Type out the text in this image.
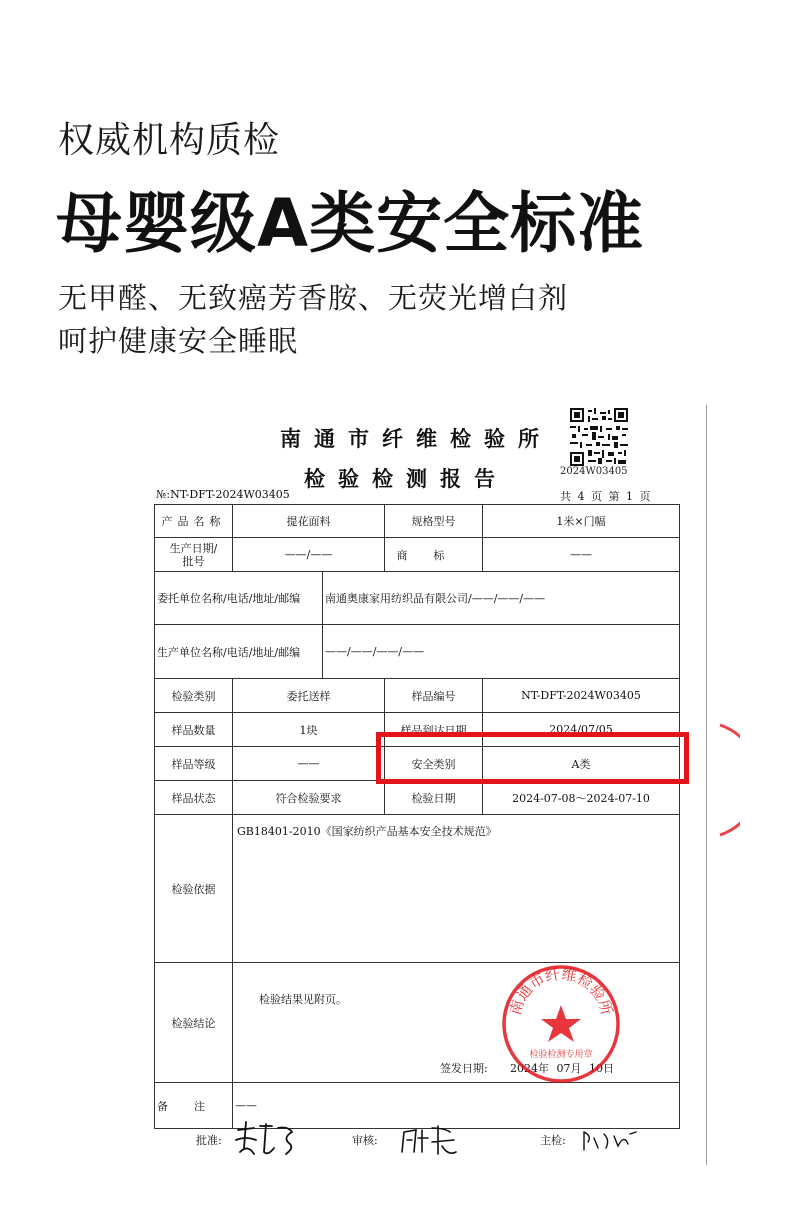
权威机构质检
母婴级A类安全标准
无甲醛、无致癌芳香胺、无荧光增白剂
呵护健康安全睡眠
南通市纤维检验所
检验检测报告	2024W03405
№:NT-DFT-2024W03405	共 4 页 第 1 页
产品名称	提花面料		规格型号	1米×门幅
生产日期/
批号	——/——		商标	——
委托单位名称/电话/地址/邮编		南通奥康家用纺织品有限公司/——/——/——		
生产单位名称/电话/地址/邮编		——/——/——/——		
检验类别	委托送样		样品编号	NT-DFT-2024W03405
样品数量	1块		样品到达日期	2024/07/05
样品等级	——		安全类别	A类
样品状态	符合检验要求		检验日期	2024-07-08～2024-07-10
检验依据	GB18401-2010《国家纺织产品基本安全技术规范》			
检验结论	检验结果见附页。			
备注	——			
签发日期: 2024年 07月 10日
南通市纤维检验所
检验检测专用章
批准:	审核:	主检:
